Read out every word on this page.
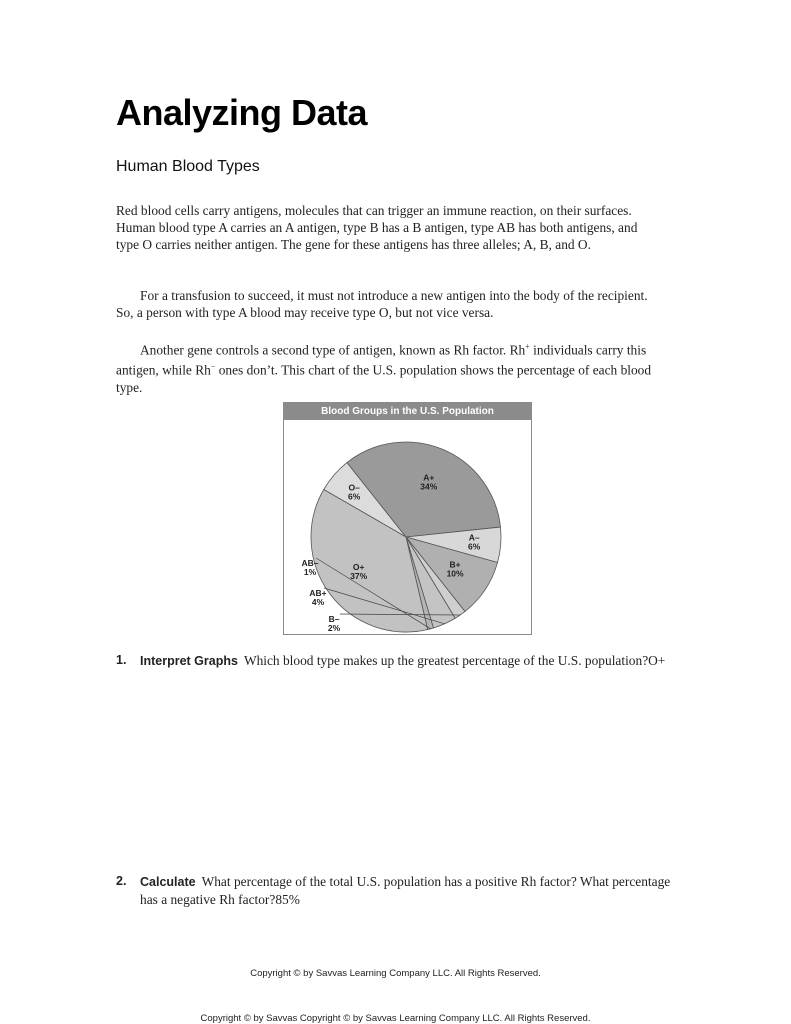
Analyzing Data
Human Blood Types

Red blood cells carry antigens, molecules that can trigger an immune reaction, on their surfaces. Human blood type A carries an A antigen, type B has a B antigen, type AB has both antigens, and type O carries neither antigen. The gene for these antigens has three alleles; A, B, and O.

For a transfusion to succeed, it must not introduce a new antigen into the body of the recipient. So, a person with type A blood may receive type O, but not vice versa.

Another gene controls a second type of antigen, known as Rh factor. Rh+ individuals carry this antigen, while Rh− ones don’t. This chart of the U.S. population shows the percentage of each blood type.

Blood Groups in the U.S. Population
O–
6%
A+
34%
A–
6%
B+
10%
B–
2%
AB+
4%
AB–
1%	O+
37%
1. Interpret Graphs Which blood type makes up the greatest percentage of the U.S. population?O+
2. Calculate What percentage of the total U.S. population has a positive Rh factor? What percentage has a negative Rh factor?85%
Copyright © by Savvas Learning Company LLC. All Rights Reserved.
Copyright © by Savvas Copyright © by Savvas Learning Company LLC. All Rights Reserved.
